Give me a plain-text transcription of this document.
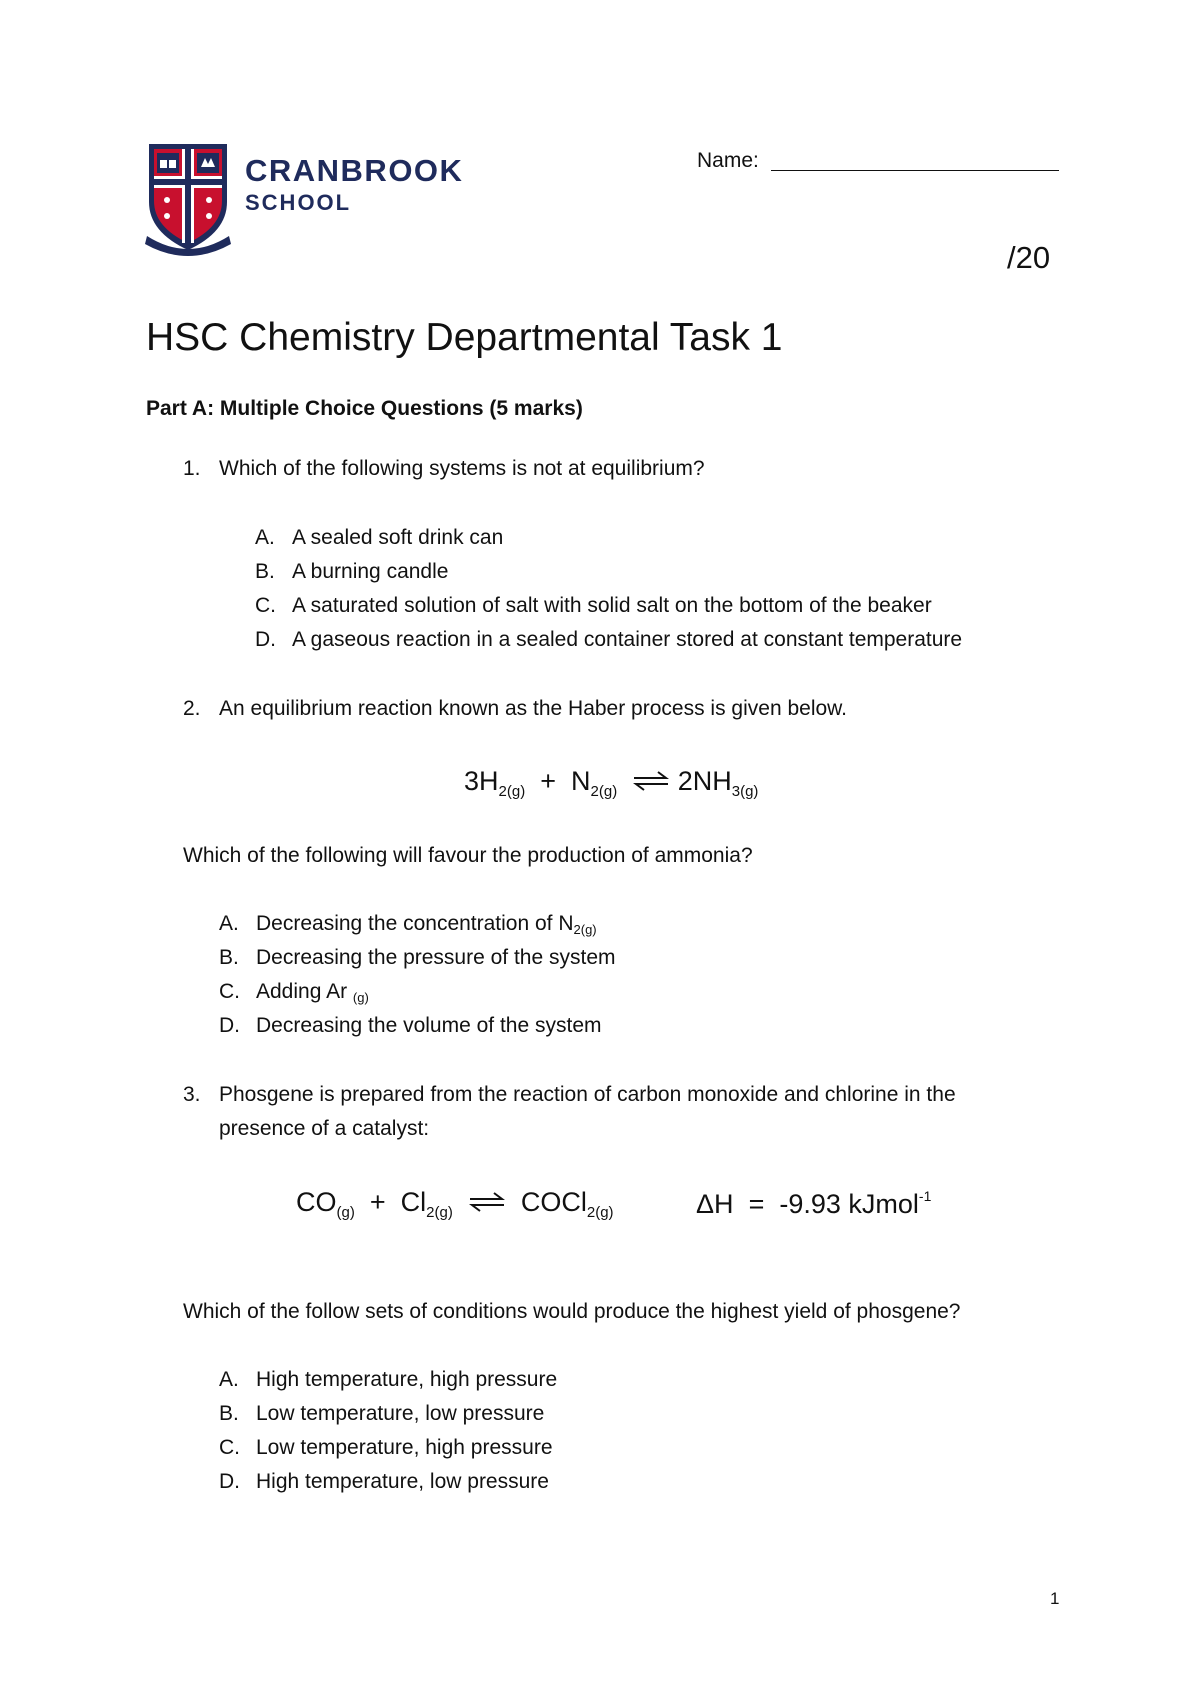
CRANBROOK
SCHOOL
Name:
/20
HSC Chemistry Departmental Task 1
Part A: Multiple Choice Questions (5 marks)
1. Which of the following systems is not at equilibrium?
A. A sealed soft drink can
B. A burning candle
C. A saturated solution of salt with solid salt on the bottom of the beaker
D. A gaseous reaction in a sealed container stored at constant temperature
2. An equilibrium reaction known as the Haber process is given below.
$3H_{2(g)} + N_{2(g)}$ ⇌ $2NH_{3(g)}$
Which of the following will favour the production of ammonia?
A. Decreasing the concentration of $N_{2(g)}$
B. Decreasing the pressure of the system
C. Adding Ar $_{(g)}$
D. Decreasing the volume of the system
3. Phosgene is prepared from the reaction of carbon monoxide and chlorine in the
presence of a catalyst:
$CO_{(g)} + Cl_{2(g)}$ ⇌ COCl$_{2(g)}$	ΔH = -9.93 kJmol$^{-1}$
Which of the follow sets of conditions would produce the highest yield of phosgene?
A. High temperature, high pressure
B. Low temperature, low pressure
C. Low temperature, high pressure
D. High temperature, low pressure
1
